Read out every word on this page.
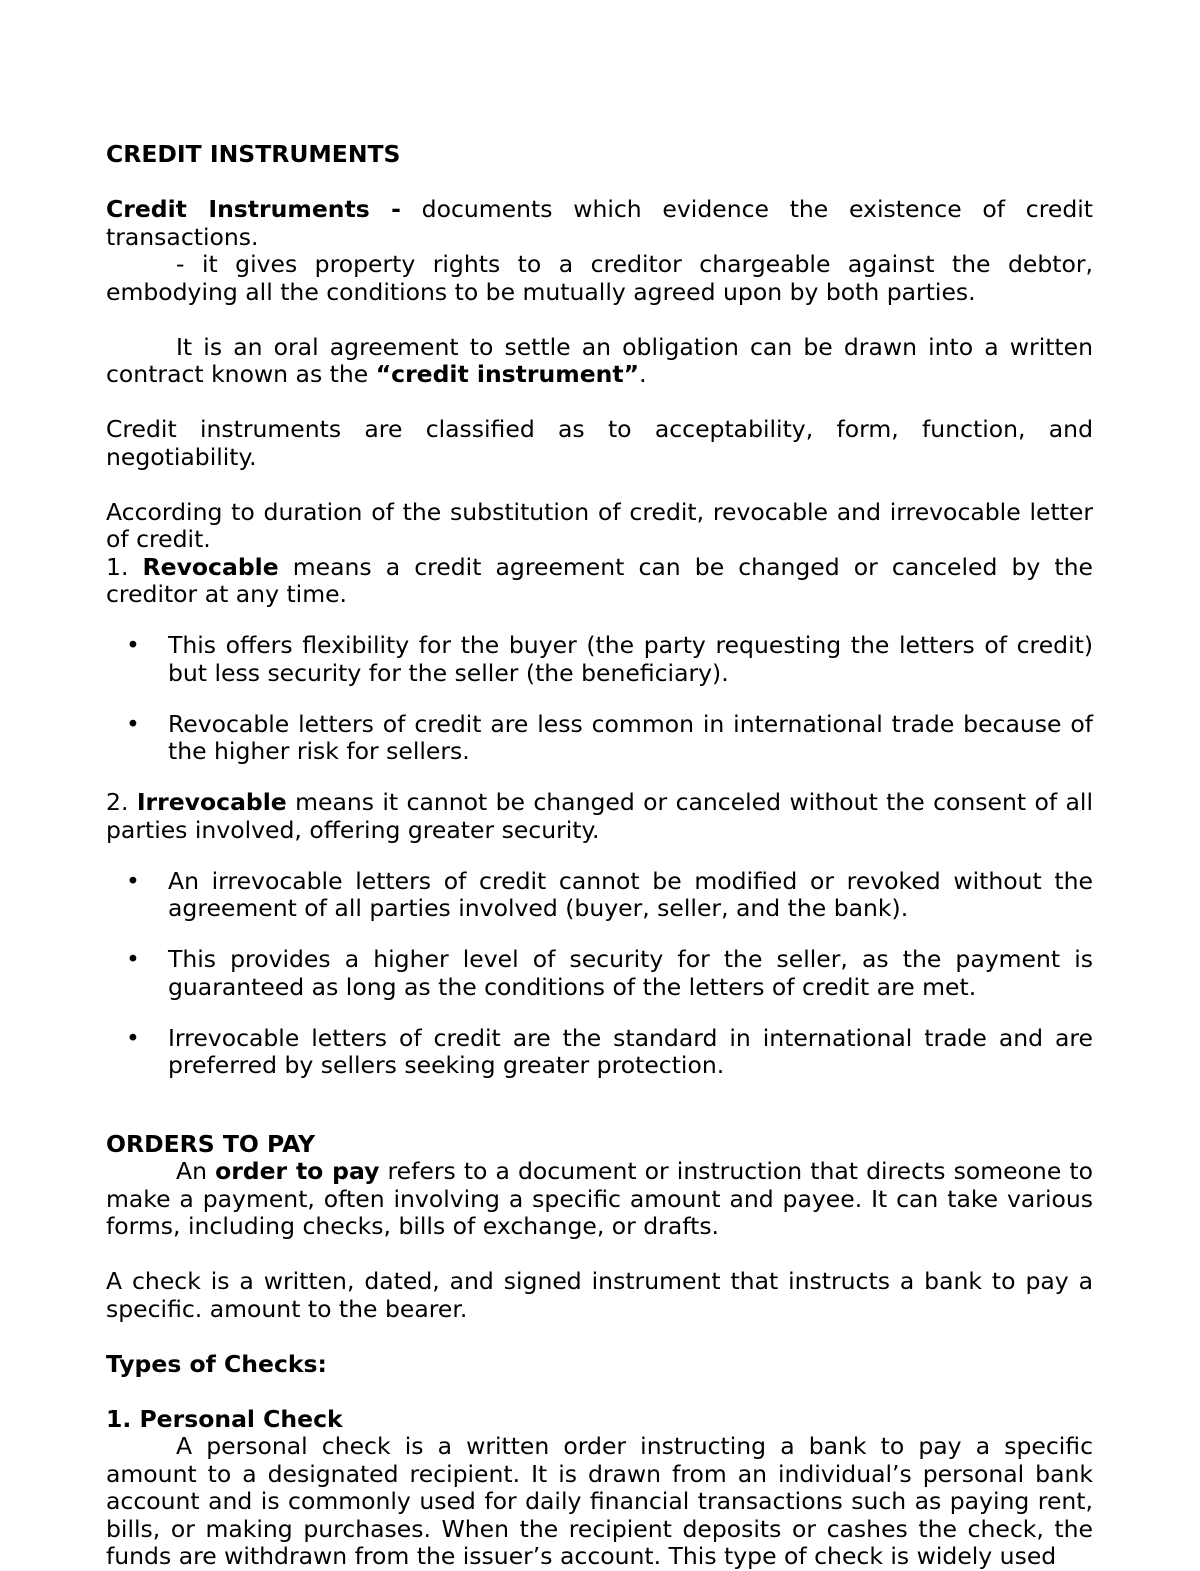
CREDIT INSTRUMENTS

Credit Instruments - documents which evidence the existence of credit transactions.

- it gives property rights to a creditor chargeable against the debtor, embodying all the conditions to be mutually agreed upon by both parties.

It is an oral agreement to settle an obligation can be drawn into a written contract known as the “credit instrument”.

Credit instruments are classified as to acceptability, form, function, and negotiability.

According to duration of the substitution of credit, revocable and irrevocable letter of credit.

1. Revocable means a credit agreement can be changed or canceled by the creditor at any time.

• This offers flexibility for the buyer (the party requesting the letters of credit) but less security for the seller (the beneficiary).

• Revocable letters of credit are less common in international trade because of the higher risk for sellers.

2. Irrevocable means it cannot be changed or canceled without the consent of all parties involved, offering greater security.

• An irrevocable letters of credit cannot be modified or revoked without the agreement of all parties involved (buyer, seller, and the bank).

• This provides a higher level of security for the seller, as the payment is guaranteed as long as the conditions of the letters of credit are met.

• Irrevocable letters of credit are the standard in international trade and are preferred by sellers seeking greater protection.

ORDERS TO PAY

An order to pay refers to a document or instruction that directs someone to make a payment, often involving a specific amount and payee. It can take various forms, including checks, bills of exchange, or drafts.

A check is a written, dated, and signed instrument that instructs a bank to pay a specific. amount to the bearer.

Types of Checks:

1. Personal Check

A personal check is a written order instructing a bank to pay a specific amount to a designated recipient. It is drawn from an individual’s personal bank account and is commonly used for daily financial transactions such as paying rent, bills, or making purchases. When the recipient deposits or cashes the check, the funds are withdrawn from the issuer’s account. This type of check is widely used
